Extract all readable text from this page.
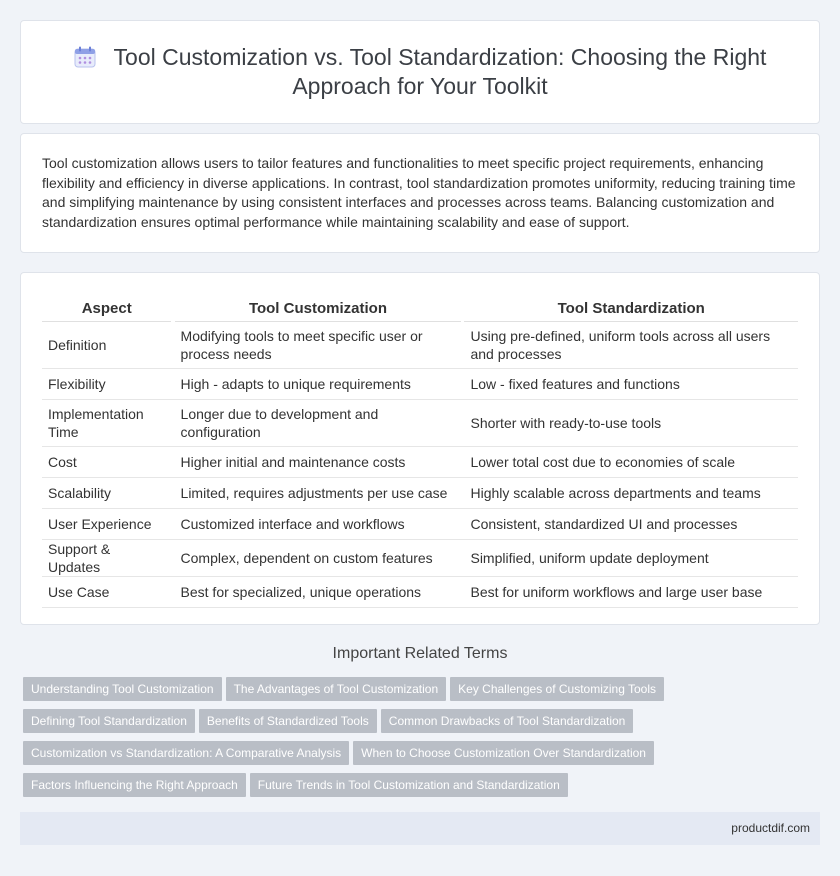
Tool Customization vs. Tool Standardization: Choosing the Right Approach for Your Toolkit

Tool customization allows users to tailor features and functionalities to meet specific project requirements, enhancing flexibility and efficiency in diverse applications. In contrast, tool standardization promotes uniformity, reducing training time and simplifying maintenance by using consistent interfaces and processes across teams. Balancing customization and standardization ensures optimal performance while maintaining scalability and ease of support.

Aspect		Tool Customization		Tool Standardization
Definition		Modifying tools to meet specific user or process needs		Using pre-defined, uniform tools across all users and processes
Flexibility		High - adapts to unique requirements		Low - fixed features and functions
Implementation Time		Longer due to development and configuration		Shorter with ready-to-use tools
Cost		Higher initial and maintenance costs		Lower total cost due to economies of scale
Scalability		Limited, requires adjustments per use case		Highly scalable across departments and teams
User Experience		Customized interface and workflows		Consistent, standardized UI and processes
Support & Updates		Complex, dependent on custom features		Simplified, uniform update deployment
Use Case		Best for specialized, unique operations		Best for uniform workflows and large user base
Important Related Terms
Understanding Tool Customization The Advantages of Tool Customization Key Challenges of Customizing Tools
Defining Tool Standardization Benefits of Standardized Tools Common Drawbacks of Tool Standardization
Customization vs Standardization: A Comparative Analysis When to Choose Customization Over Standardization
Factors Influencing the Right Approach Future Trends in Tool Customization and Standardization
productdif.com
